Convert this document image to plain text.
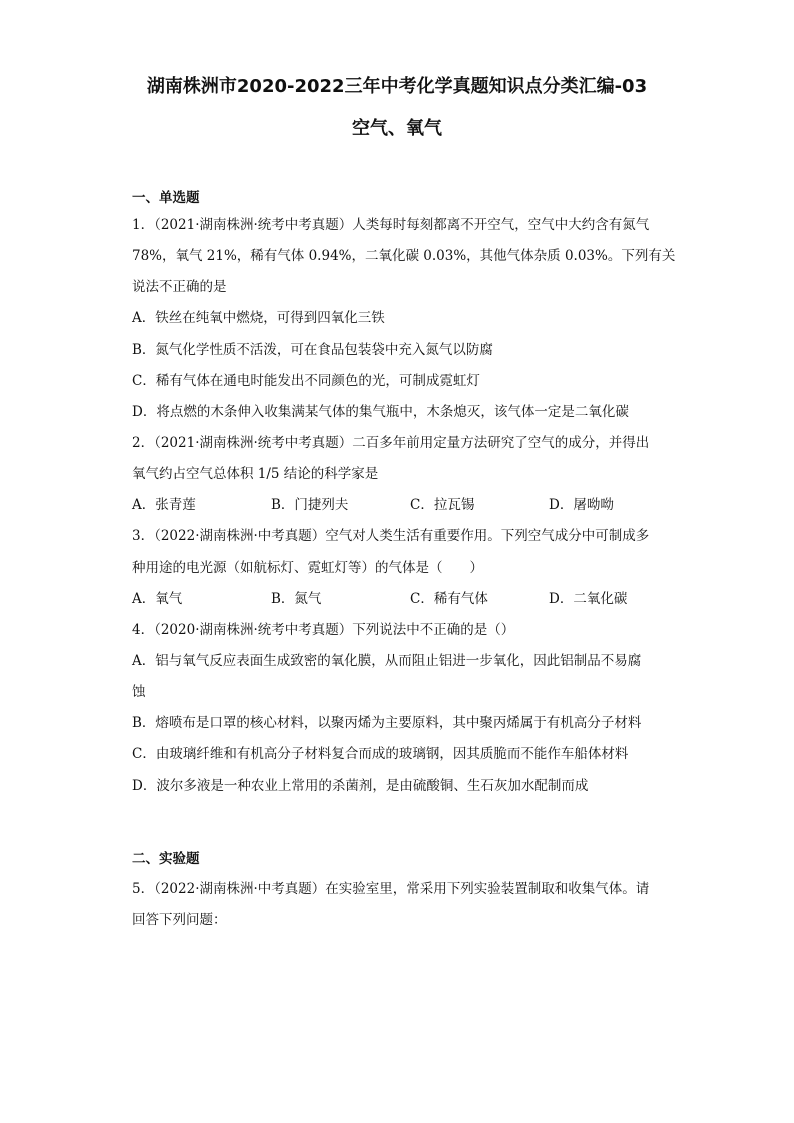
湖南株洲市2020-2022三年中考化学真题知识点分类汇编-03
空气、氧气
一、单选题
1．（2021·湖南株洲·统考中考真题）人类每时每刻都离不开空气，空气中大约含有氮气
78%，氧气 21%，稀有气体 0.94%，二氧化碳 0.03%，其他气体杂质 0.03%。下列有关
说法不正确的是
A．铁丝在纯氧中燃烧，可得到四氧化三铁
B．氮气化学性质不活泼，可在食品包装袋中充入氮气以防腐
C．稀有气体在通电时能发出不同颜色的光，可制成霓虹灯
D．将点燃的木条伸入收集满某气体的集气瓶中，木条熄灭，该气体一定是二氧化碳
2．（2021·湖南株洲·统考中考真题）二百多年前用定量方法研究了空气的成分，并得出
氧气约占空气总体积 1/5 结论的科学家是
A．张青莲	B．门捷列夫	C．拉瓦锡	D．屠呦呦
3．（2022·湖南株洲·中考真题）空气对人类生活有重要作用。下列空气成分中可制成多
种用途的电光源（如航标灯、霓虹灯等）的气体是（　　）
A．氧气	B．氮气	C．稀有气体	D．二氧化碳
4．（2020·湖南株洲·统考中考真题）下列说法中不正确的是（）
A．铝与氧气反应表面生成致密的氧化膜，从而阻止铝进一步氧化，因此铝制品不易腐
蚀
B．熔喷布是口罩的核心材料，以聚丙烯为主要原料，其中聚丙烯属于有机高分子材料
C．由玻璃纤维和有机高分子材料复合而成的玻璃钢，因其质脆而不能作车船体材料
D．波尔多液是一种农业上常用的杀菌剂，是由硫酸铜、生石灰加水配制而成
二、实验题
5．（2022·湖南株洲·中考真题）在实验室里，常采用下列实验装置制取和收集气体。请
回答下列问题：
